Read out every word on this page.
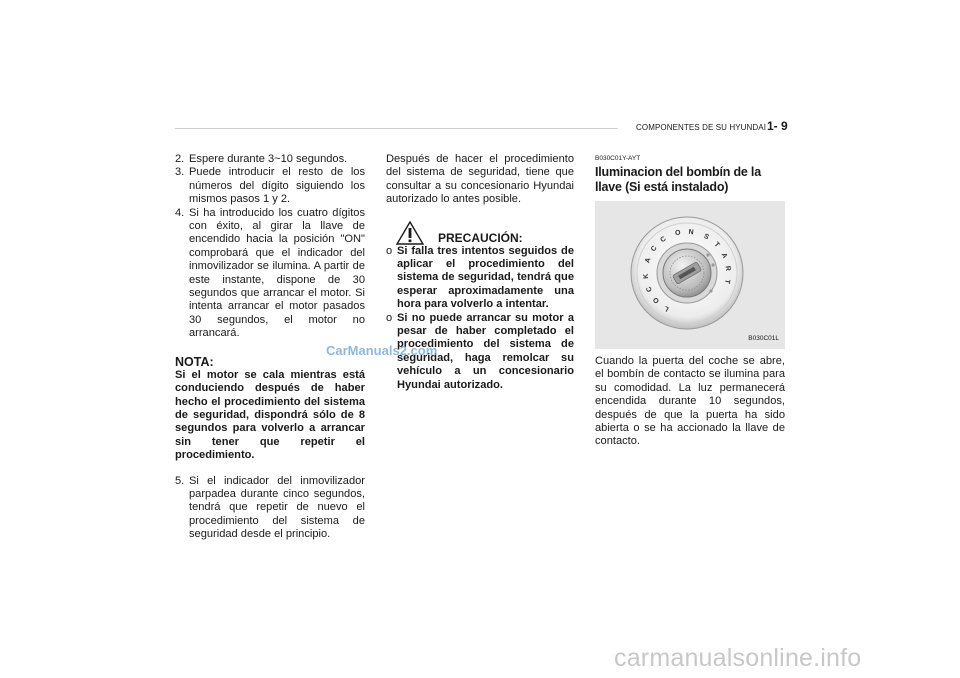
COMPONENTES DE SU HYUNDAI 1- 9
2. Espere durante 3~10 segundos.
3. Puede introducir el resto de los números del dígito siguiendo los mismos pasos 1 y 2.
4. Si ha introducido los cuatro dígitos con éxito, al girar la llave de encendido hacia la posición "ON" comprobará que el indicador del inmovilizador se ilumina. A partir de este instante, dispone de 30 segundos que arrancar el motor. Si intenta arrancar el motor pasados 30 segundos, el motor no arrancará.
NOTA:
Si el motor se cala mientras está conduciendo después de haber hecho el procedimiento del sistema de seguridad, dispondrá sólo de 8 segundos para volverlo a arrancar sin tener que repetir el procedimiento.
5. Si el indicador del inmovilizador parpadea durante cinco segundos, tendrá que repetir de nuevo el procedimiento del sistema de seguridad desde el principio.
Después de hacer el procedimiento del sistema de seguridad, tiene que consultar a su concesionario Hyundai autorizado lo antes posible.
PRECAUCIÓN:
o Si falla tres intentos seguidos de aplicar el procedimiento del sistema de seguridad, tendrá que esperar aproximadamente una hora para volverlo a intentar.
o Si no puede arrancar su motor a pesar de haber completado el procedimiento del sistema de seguridad, haga remolcar su vehículo a un concesionario Hyundai autorizado.
B030C01Y-AYT
Iluminacion del bombín de la llave (Si está instalado)
L
O
C
K
A
C
C
O N
S
T
A
R
T
B030C01L
Cuando la puerta del coche se abre, el bombín de contacto se ilumina para su comodidad. La luz permanecerá encendida durante 10 segundos, después de que la puerta ha sido abierta o se ha accionado la llave de contacto.
CarManuals2.com
carmanualsonline.info
